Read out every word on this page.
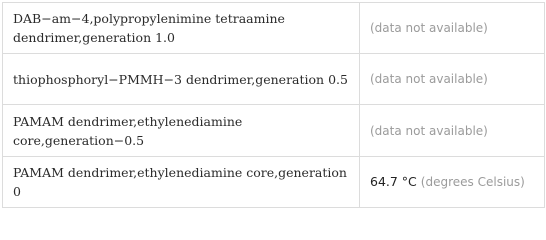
DAB−am−4,polypropylenimine tetraamine dendrimer,generation 1.0	(data not available)

thiophosphoryl−PMMH−3 dendrimer,generation 0.5	(data not available)

PAMAM dendrimer,ethylenediamine core,generation−0.5	(data not available)

PAMAM dendrimer,ethylenediamine core,generation 0	64.7 °C (degrees Celsius)
